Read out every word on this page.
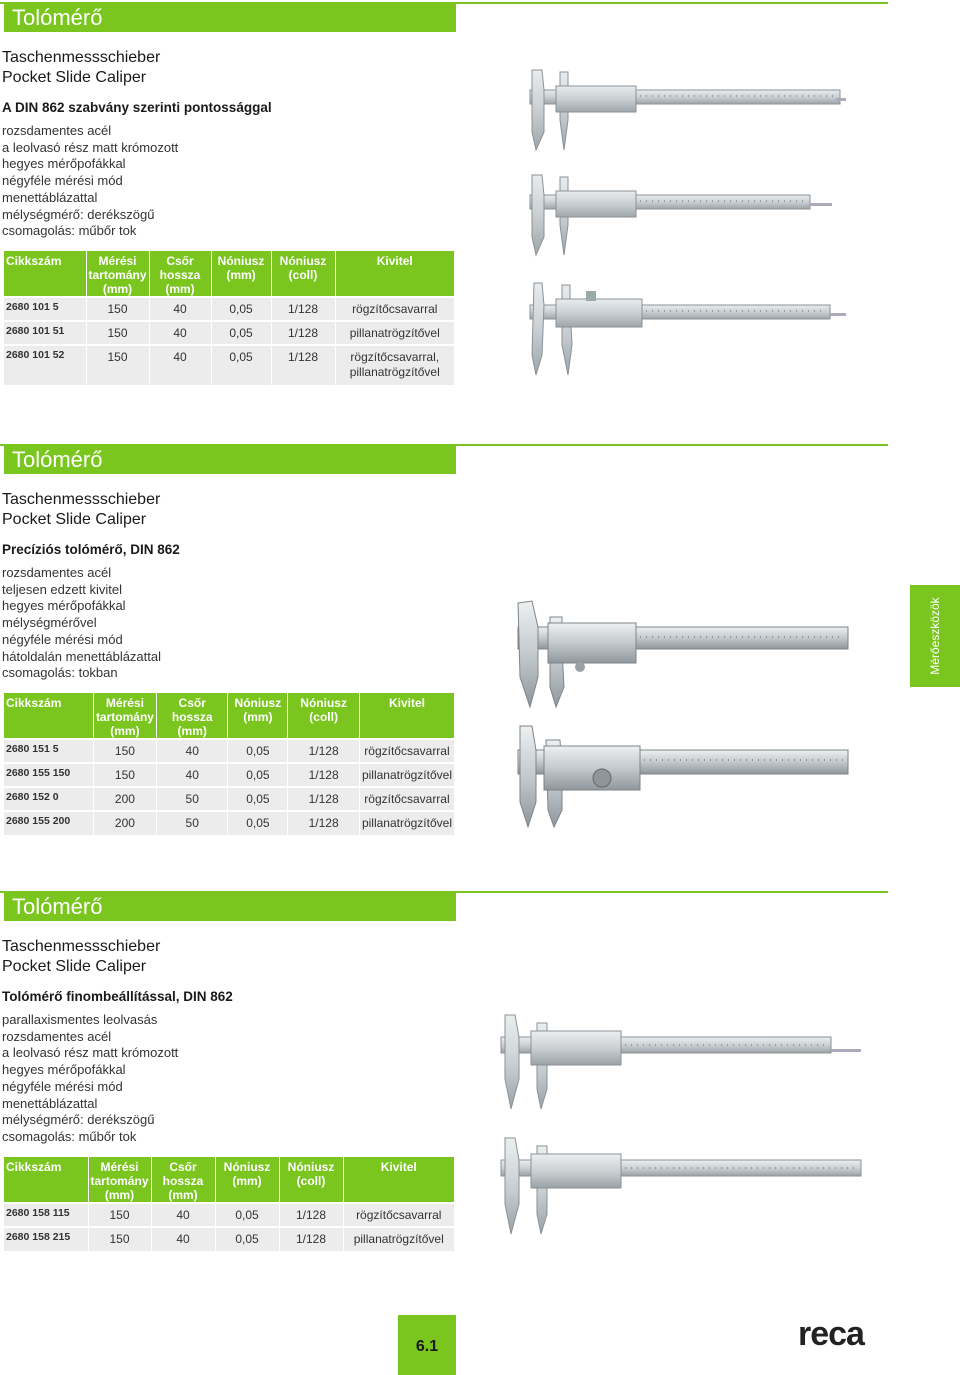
Tolómérő
Taschenmessschieber
Pocket Slide Caliper
A DIN 862 szabvány szerinti pontossággal
rozsdamentes acél
a leolvasó rész matt krómozott
hegyes mérőpofákkal
négyféle mérési mód
menettáblázattal
mélységmérő: derékszögű
csomagolás: műbőr tok
Cikkszám	Mérési tartomány (mm)	Csőr hossza (mm)	Nóniusz (mm)	Nóniusz (coll)	Kivitel
2680 101 5	150	40	0,05	1/128	rögzítőcsavarral
2680 101 51	150	40	0,05	1/128	pillanatrögzítővel
2680 101 52	150	40	0,05	1/128	rögzítőcsavarral, pillanatrögzítővel
Tolómérő
Taschenmessschieber
Pocket Slide Caliper
Precíziós tolómérő, DIN 862
rozsdamentes acél
teljesen edzett kivitel
hegyes mérőpofákkal
mélységmérővel
négyféle mérési mód
hátoldalán menettáblázattal
csomagolás: tokban
Cikkszám	Mérési tartomány (mm)	Csőr hossza (mm)	Nóniusz (mm)	Nóniusz (coll)	Kivitel
2680 151 5	150	40	0,05	1/128	rögzítőcsavarral
2680 155 150	150	40	0,05	1/128	pillanatrögzítővel
2680 152 0	200	50	0,05	1/128	rögzítőcsavarral
2680 155 200	200	50	0,05	1/128	pillanatrögzítővel
Mérőeszközök
Tolómérő
Taschenmessschieber
Pocket Slide Caliper
Tolómérő finombeállítással, DIN 862
parallaxismentes leolvasás
rozsdamentes acél
a leolvasó rész matt krómozott
hegyes mérőpofákkal
négyféle mérési mód
menettáblázattal
mélységmérő: derékszögű
csomagolás: műbőr tok
Cikkszám	Mérési tartomány (mm)	Csőr hossza (mm)	Nóniusz (mm)	Nóniusz (coll)	Kivitel
2680 158 115	150	40	0,05	1/128	rögzítőcsavarral
2680 158 215	150	40	0,05	1/128	pillanatrögzítővel
6.1	reca
